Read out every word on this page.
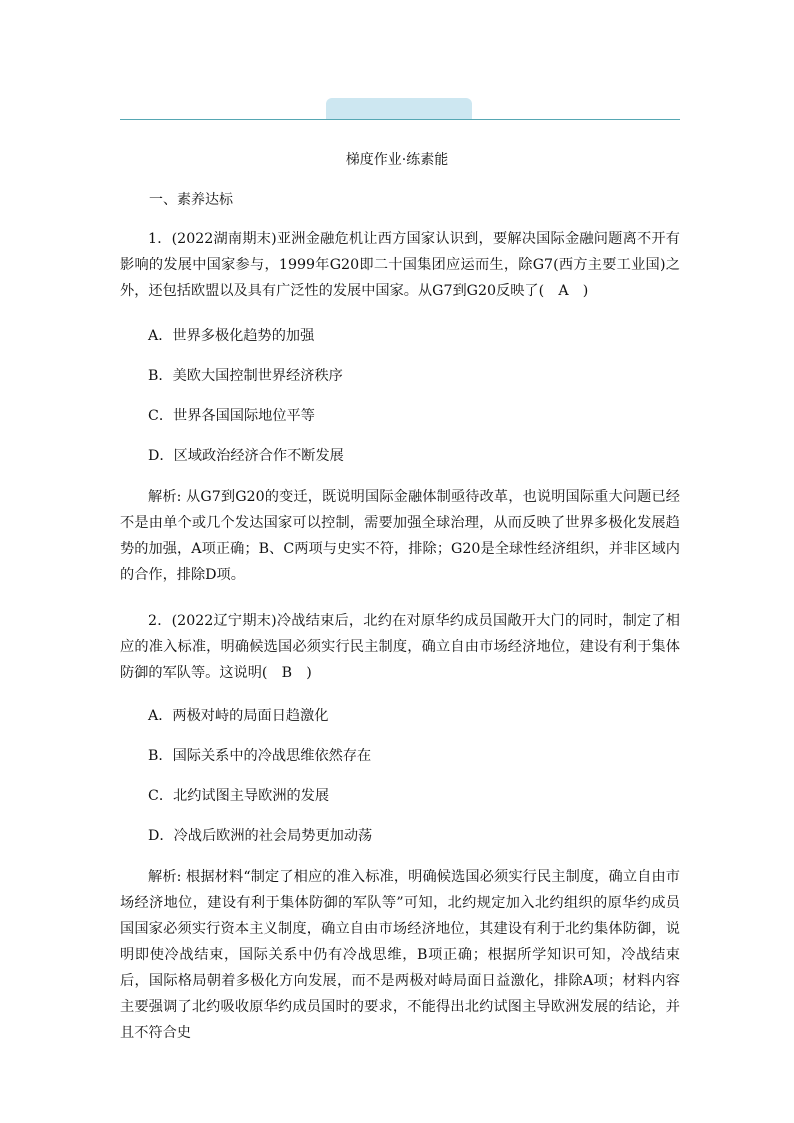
梯度作业·练素能
一、素养达标

1．(2022湖南期末)亚洲金融危机让西方国家认识到，要解决国际金融问题离不开有影响的发展中国家参与，1999年G20即二十国集团应运而生，除G7(西方主要工业国)之外，还包括欧盟以及具有广泛性的发展中国家。从G7到G20反映了(　A　)

A．世界多极化趋势的加强
B．美欧大国控制世界经济秩序
C．世界各国国际地位平等
D．区域政治经济合作不断发展

解析: 从G7到G20的变迁，既说明国际金融体制亟待改革，也说明国际重大问题已经不是由单个或几个发达国家可以控制，需要加强全球治理，从而反映了世界多极化发展趋势的加强，A项正确；B、C两项与史实不符，排除；G20是全球性经济组织，并非区域内的合作，排除D项。

2．(2022辽宁期末)冷战结束后，北约在对原华约成员国敞开大门的同时，制定了相应的准入标准，明确候选国必须实行民主制度，确立自由市场经济地位，建设有利于集体防御的军队等。这说明(　B　)

A．两极对峙的局面日趋激化
B．国际关系中的冷战思维依然存在
C．北约试图主导欧洲的发展
D．冷战后欧洲的社会局势更加动荡

解析: 根据材料“制定了相应的准入标准，明确候选国必须实行民主制度，确立自由市场经济地位，建设有利于集体防御的军队等”可知，北约规定加入北约组织的原华约成员国国家必须实行资本主义制度，确立自由市场经济地位，其建设有利于北约集体防御，说明即使冷战结束，国际关系中仍有冷战思维，B项正确；根据所学知识可知，冷战结束后，国际格局朝着多极化方向发展，而不是两极对峙局面日益激化，排除A项；材料内容主要强调了北约吸收原华约成员国时的要求，不能得出北约试图主导欧洲发展的结论，并且不符合史
